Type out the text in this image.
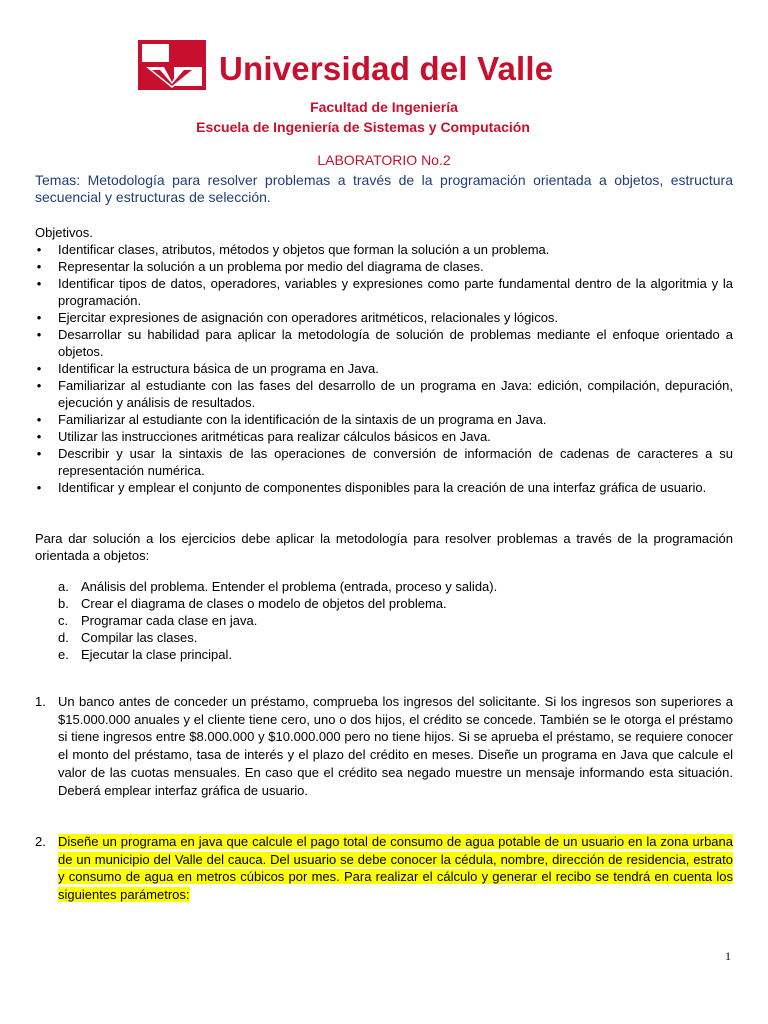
Universidad del Valle
Facultad de Ingeniería
Escuela de Ingeniería de Sistemas y Computación
LABORATORIO No.2
Temas: Metodología para resolver problemas a través de la programación orientada a objetos, estructura secuencial y estructuras de selección.
Objetivos.
• Identificar clases, atributos, métodos y objetos que forman la solución a un problema.
• Representar la solución a un problema por medio del diagrama de clases.
• Identificar tipos de datos, operadores, variables y expresiones como parte fundamental dentro de la algoritmia y la programación.
• Ejercitar expresiones de asignación con operadores aritméticos, relacionales y lógicos.
• Desarrollar su habilidad para aplicar la metodología de solución de problemas mediante el enfoque orientado a objetos.
• Identificar la estructura básica de un programa en Java.
• Familiarizar al estudiante con las fases del desarrollo de un programa en Java: edición, compilación, depuración, ejecución y análisis de resultados.
• Familiarizar al estudiante con la identificación de la sintaxis de un programa en Java.
• Utilizar las instrucciones aritméticas para realizar cálculos básicos en Java.
• Describir y usar la sintaxis de las operaciones de conversión de información de cadenas de caracteres a su representación numérica.
• Identificar y emplear el conjunto de componentes disponibles para la creación de una interfaz gráfica de usuario.
Para dar solución a los ejercicios debe aplicar la metodología para resolver problemas a través de la programación orientada a objetos:
a. Análisis del problema. Entender el problema (entrada, proceso y salida).
b. Crear el diagrama de clases o modelo de objetos del problema.
c. Programar cada clase en java.
d. Compilar las clases.
e. Ejecutar la clase principal.
1. Un banco antes de conceder un préstamo, comprueba los ingresos del solicitante. Si los ingresos son superiores a $15.000.000 anuales y el cliente tiene cero, uno o dos hijos, el crédito se concede. También se le otorga el préstamo si tiene ingresos entre $8.000.000 y $10.000.000 pero no tiene hijos. Si se aprueba el préstamo, se requiere conocer el monto del préstamo, tasa de interés y el plazo del crédito en meses. Diseñe un programa en Java que calcule el valor de las cuotas mensuales. En caso que el crédito sea negado muestre un mensaje informando esta situación. Deberá emplear interfaz gráfica de usuario.
2. Diseñe un programa en java que calcule el pago total de consumo de agua potable de un usuario en la zona urbana de un municipio del Valle del cauca. Del usuario se debe conocer la cédula, nombre, dirección de residencia, estrato y consumo de agua en metros cúbicos por mes. Para realizar el cálculo y generar el recibo se tendrá en cuenta los siguientes parámetros:
1
